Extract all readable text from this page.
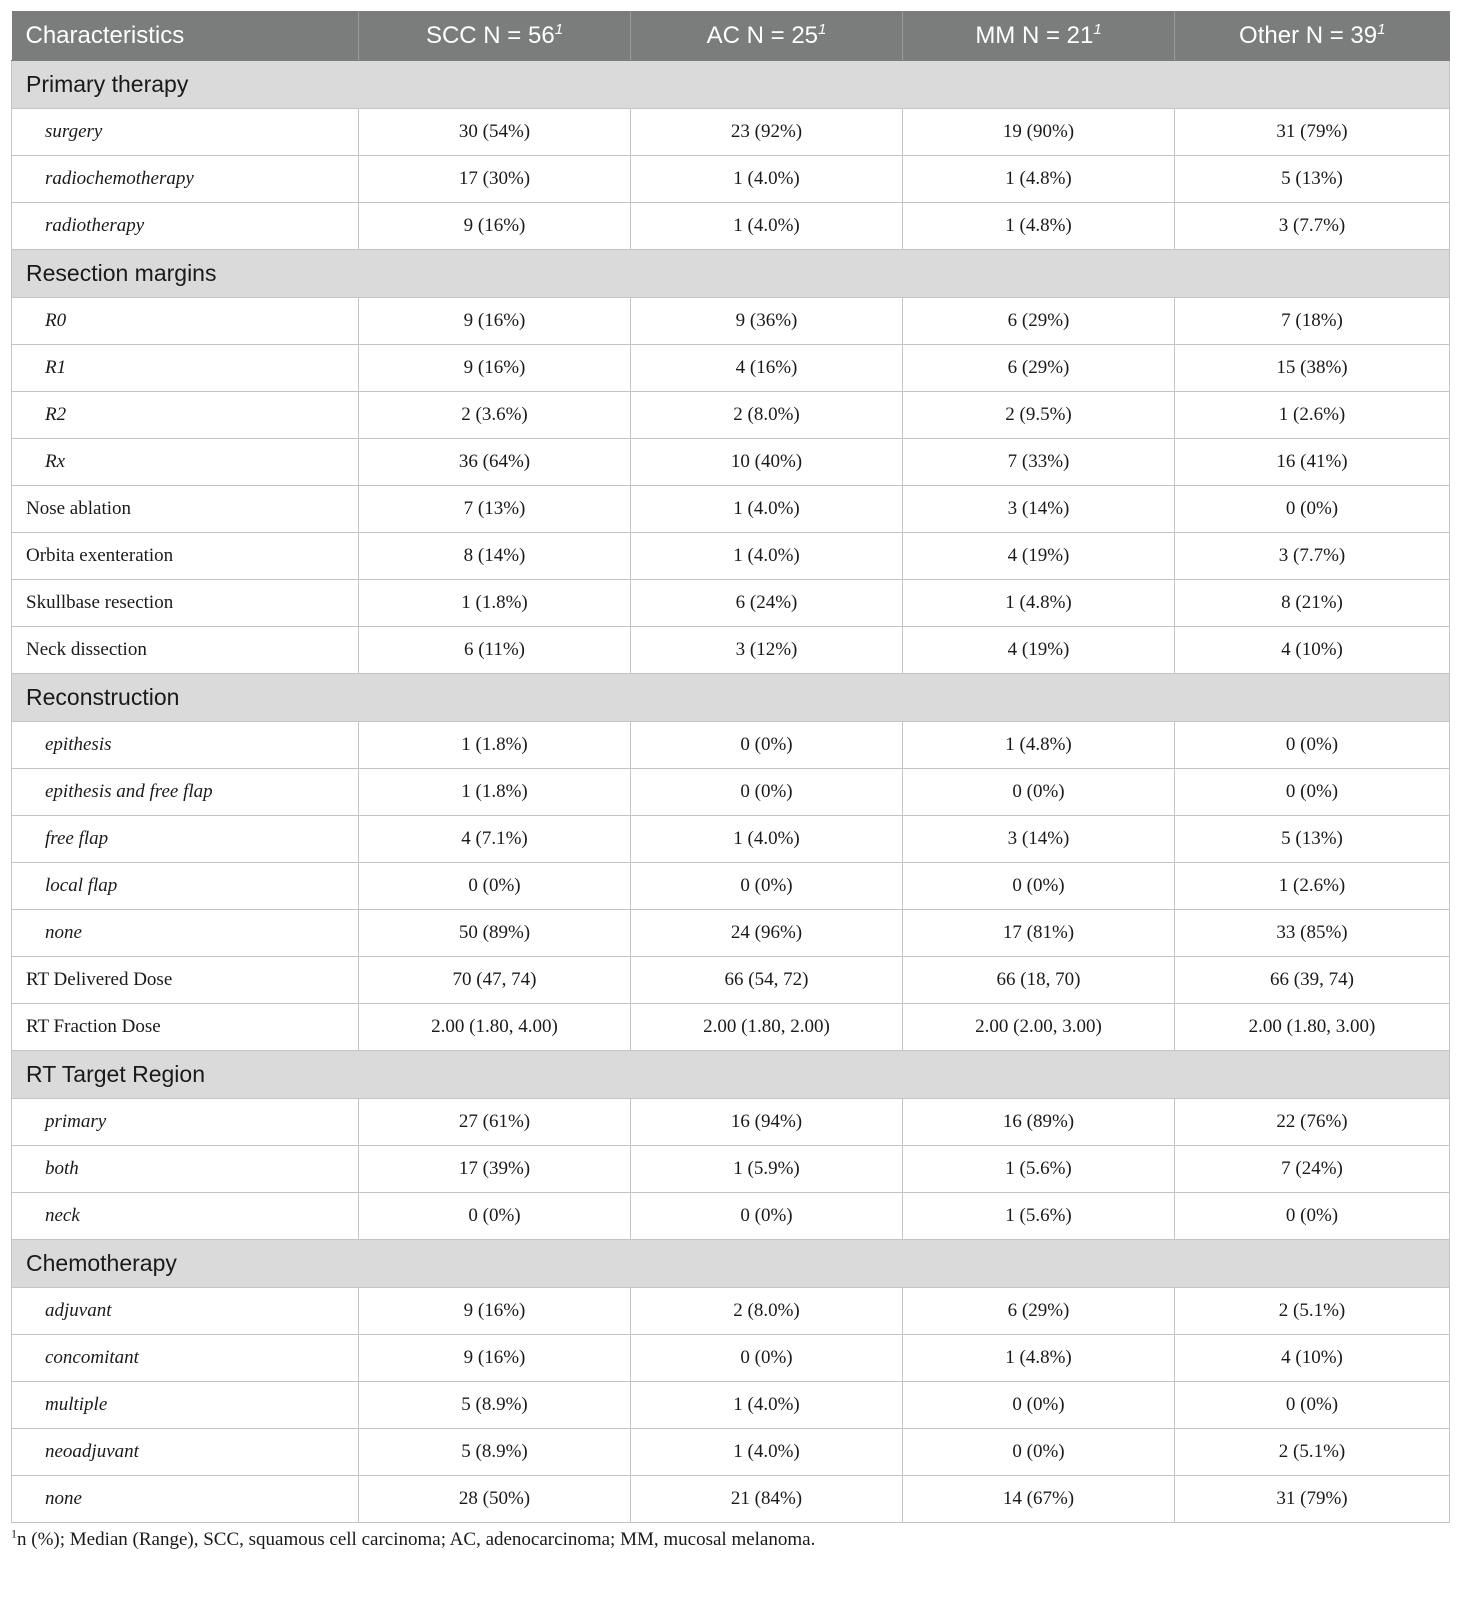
Characteristics	SCC $N = 56^1$	AC $N = 25^1$	MM $N = 21^1$	Other $N = 39^1$
Primary therapy				
surgery	30 (54%)	23 (92%)	19 (90%)	31 (79%)
radiochemotherapy	17 (30%)	1 (4.0%)	1 (4.8%)	5 (13%)
radiotherapy	9 (16%)	1 (4.0%)	1 (4.8%)	3 (7.7%)
Resection margins				
R0	9 (16%)	9 (36%)	6 (29%)	7 (18%)
R1	9 (16%)	4 (16%)	6 (29%)	15 (38%)
R2	2 (3.6%)	2 (8.0%)	2 (9.5%)	1 (2.6%)
Rx	36 (64%)	10 (40%)	7 (33%)	16 (41%)
Nose ablation	7 (13%)	1 (4.0%)	3 (14%)	0 (0%)
Orbita exenteration	8 (14%)	1 (4.0%)	4 (19%)	3 (7.7%)
Skullbase resection	1 (1.8%)	6 (24%)	1 (4.8%)	8 (21%)
Neck dissection	6 (11%)	3 (12%)	4 (19%)	4 (10%)
Reconstruction				
epithesis	1 (1.8%)	0 (0%)	1 (4.8%)	0 (0%)
epithesis and free flap	1 (1.8%)	0 (0%)	0 (0%)	0 (0%)
free flap	4 (7.1%)	1 (4.0%)	3 (14%)	5 (13%)
local flap	0 (0%)	0 (0%)	0 (0%)	1 (2.6%)
none	50 (89%)	24 (96%)	17 (81%)	33 (85%)
RT Delivered Dose	70 (47, 74)	66 (54, 72)	66 (18, 70)	66 (39, 74)
RT Fraction Dose	2.00 (1.80, 4.00)	2.00 (1.80, 2.00)	2.00 (2.00, 3.00)	2.00 (1.80, 3.00)
RT Target Region				
primary	27 (61%)	16 (94%)	16 (89%)	22 (76%)
both	17 (39%)	1 (5.9%)	1 (5.6%)	7 (24%)
neck	0 (0%)	0 (0%)	1 (5.6%)	0 (0%)
Chemotherapy				
adjuvant	9 (16%)	2 (8.0%)	6 (29%)	2 (5.1%)
concomitant	9 (16%)	0 (0%)	1 (4.8%)	4 (10%)
multiple	5 (8.9%)	1 (4.0%)	0 (0%)	0 (0%)
neoadjuvant	5 (8.9%)	1 (4.0%)	0 (0%)	2 (5.1%)
none	28 (50%)	21 (84%)	14 (67%)	31 (79%)
$^1$n (%); Median (Range), SCC, squamous cell carcinoma; AC, adenocarcinoma; MM, mucosal melanoma.
